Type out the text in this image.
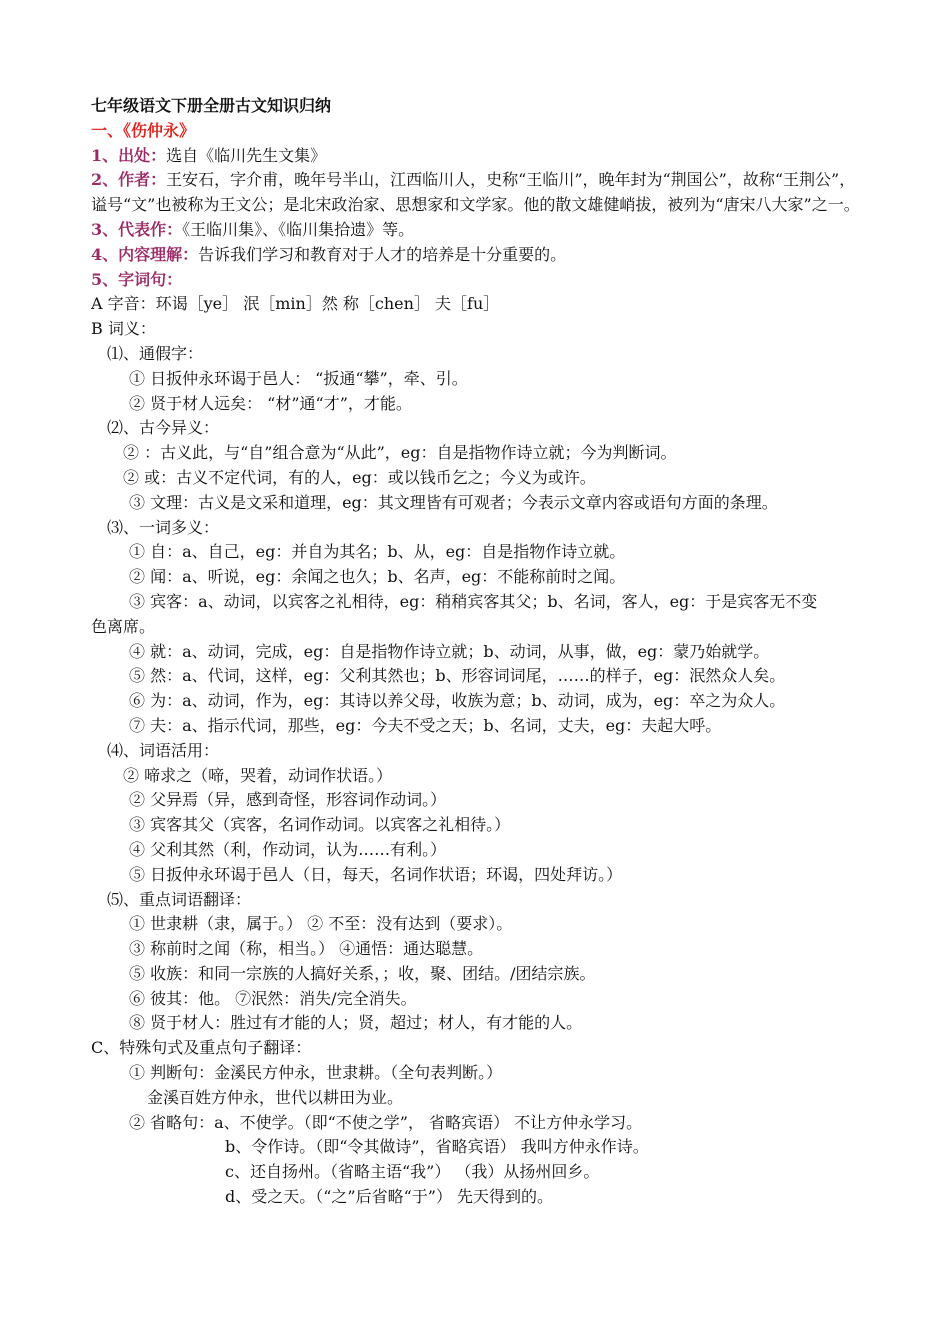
七年级语文下册全册古文知识归纳
一、《伤仲永》
1、出处：选自《临川先生文集》
2、作者：王安石，字介甫，晚年号半山，江西临川人，史称“王临川”，晚年封为“荆国公”，故称“王荆公”，谥号“文”也被称为王文公；是北宋政治家、思想家和文学家。他的散文雄健峭拔，被列为“唐宋八大家”之一。
3、代表作：《王临川集》、《临川集拾遗》等。
4、内容理解：告诉我们学习和教育对于人才的培养是十分重要的。
5、字词句：
A 字音：环谒［ye］ 泯［min］然 称［chen］ 夫［fu］
B 词义：
⑴、通假字：
① 日扳仲永环谒于邑人： “扳通“攀”，牵、引。
② 贤于材人远矣： “材”通“才”，才能。
⑵、古今异义：
② ：古义此，与“自”组合意为“从此”，eg：自是指物作诗立就；今为判断词。
② 或：古义不定代词，有的人，eg：或以钱币乞之；今义为或许。
③ 文理：古义是文采和道理，eg：其文理皆有可观者；今表示文章内容或语句方面的条理。
⑶、一词多义：
① 自：a、自己，eg：并自为其名；b、从，eg：自是指物作诗立就。
② 闻：a、听说，eg：余闻之也久；b、名声，eg：不能称前时之闻。
③ 宾客：a、动词，以宾客之礼相待，eg：稍稍宾客其父；b、名词，客人，eg：于是宾客无不变
色离席。
④ 就：a、动词，完成，eg：自是指物作诗立就；b、动词，从事，做，eg：蒙乃始就学。
⑤ 然：a、代词，这样，eg：父利其然也；b、形容词词尾，……的样子，eg：泯然众人矣。
⑥ 为：a、动词，作为，eg：其诗以养父母，收族为意；b、动词，成为，eg：卒之为众人。
⑦ 夫：a、指示代词，那些，eg：今夫不受之天；b、名词，丈夫，eg：夫起大呼。
⑷、词语活用：
② 啼求之（啼，哭着，动词作状语。）
② 父异焉（异，感到奇怪，形容词作动词。）
③ 宾客其父（宾客，名词作动词。以宾客之礼相待。）
④ 父利其然（利，作动词，认为……有利。）
⑤ 日扳仲永环谒于邑人（日，每天，名词作状语；环谒，四处拜访。）
⑸、重点词语翻译：
① 世隶耕（隶，属于。） ② 不至：没有达到（要求）。
③ 称前时之闻（称，相当。） ④通悟：通达聪慧。
⑤ 收族：和同一宗族的人搞好关系，；收，聚、团结。/团结宗族。
⑥ 彼其：他。 ⑦泯然：消失/完全消失。
⑧ 贤于材人：胜过有才能的人；贤，超过；材人，有才能的人。
C、特殊句式及重点句子翻译：
① 判断句：金溪民方仲永，世隶耕。（全句表判断。）
金溪百姓方仲永，世代以耕田为业。
② 省略句：a、不使学。（即“不使之学”， 省略宾语） 不让方仲永学习。
b、令作诗。（即“令其做诗”，省略宾语） 我叫方仲永作诗。
c、还自扬州。（省略主语“我”） （我）从扬州回乡。
d、受之天。（“之”后省略“于”） 先天得到的。
